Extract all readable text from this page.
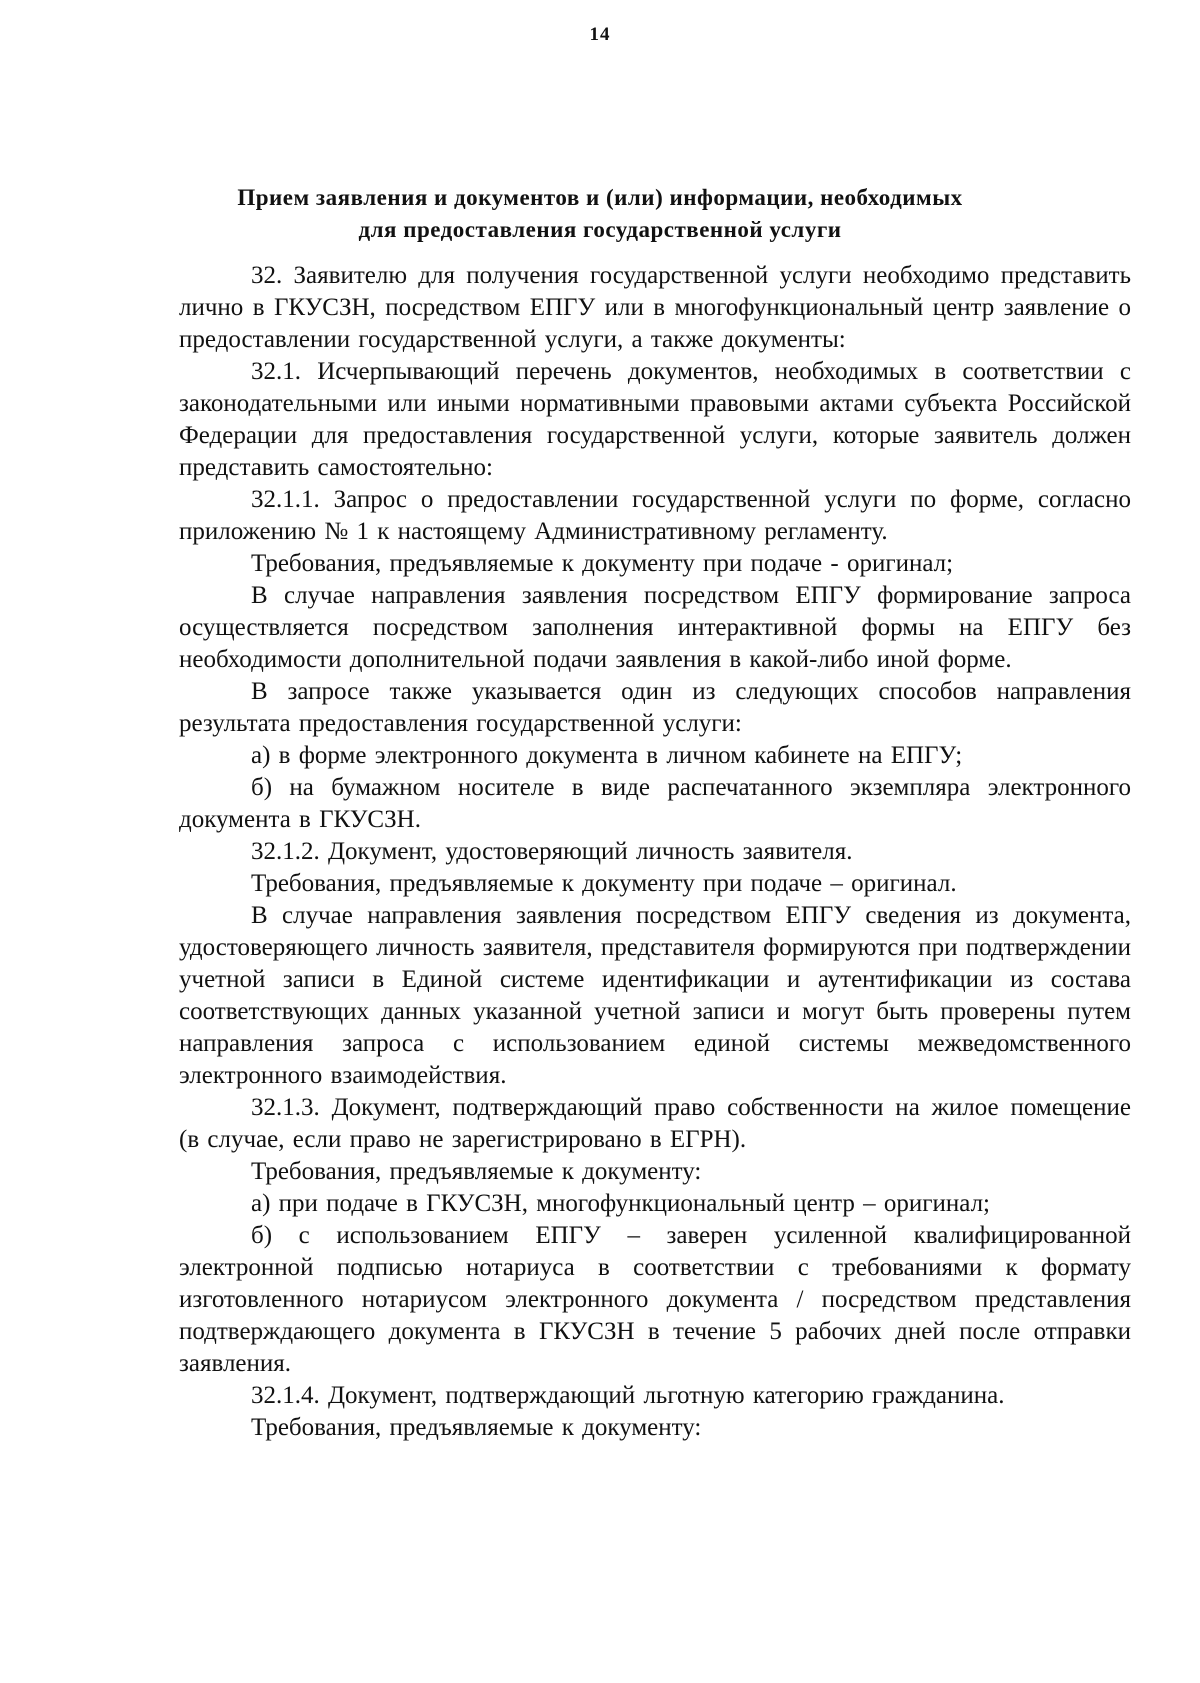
14
Прием заявления и документов и (или) информации, необходимых
для предоставления государственной услуги

32. Заявителю для получения государственной услуги необходимо представить лично в ГКУСЗН, посредством ЕПГУ или в многофункциональный центр заявление о предоставлении государственной услуги, а также документы:

32.1. Исчерпывающий перечень документов, необходимых в соответствии с законодательными или иными нормативными правовыми актами субъекта Российской Федерации для предоставления государственной услуги, которые заявитель должен представить самостоятельно:

32.1.1. Запрос о предоставлении государственной услуги по форме, согласно приложению № 1 к настоящему Административному регламенту.

Требования, предъявляемые к документу при подаче - оригинал;

В случае направления заявления посредством ЕПГУ формирование запроса осуществляется посредством заполнения интерактивной формы на ЕПГУ без необходимости дополнительной подачи заявления в какой-либо иной форме.

В запросе также указывается один из следующих способов направления результата предоставления государственной услуги:

а) в форме электронного документа в личном кабинете на ЕПГУ;

б) на бумажном носителе в виде распечатанного экземпляра электронного документа в ГКУСЗН.

32.1.2. Документ, удостоверяющий личность заявителя.

Требования, предъявляемые к документу при подаче – оригинал.

В случае направления заявления посредством ЕПГУ сведения из документа, удостоверяющего личность заявителя, представителя формируются при подтверждении учетной записи в Единой системе идентификации и аутентификации из состава соответствующих данных указанной учетной записи и могут быть проверены путем направления запроса с использованием единой системы межведомственного электронного взаимодействия.

32.1.3. Документ, подтверждающий право собственности на жилое помещение (в случае, если право не зарегистрировано в ЕГРН).

Требования, предъявляемые к документу:

а) при подаче в ГКУСЗН, многофункциональный центр – оригинал;

б) с использованием ЕПГУ – заверен усиленной квалифицированной электронной подписью нотариуса в соответствии с требованиями к формату изготовленного нотариусом электронного документа / посредством представления подтверждающего документа в ГКУСЗН в течение 5 рабочих дней после отправки заявления.

32.1.4. Документ, подтверждающий льготную категорию гражданина.

Требования, предъявляемые к документу:
